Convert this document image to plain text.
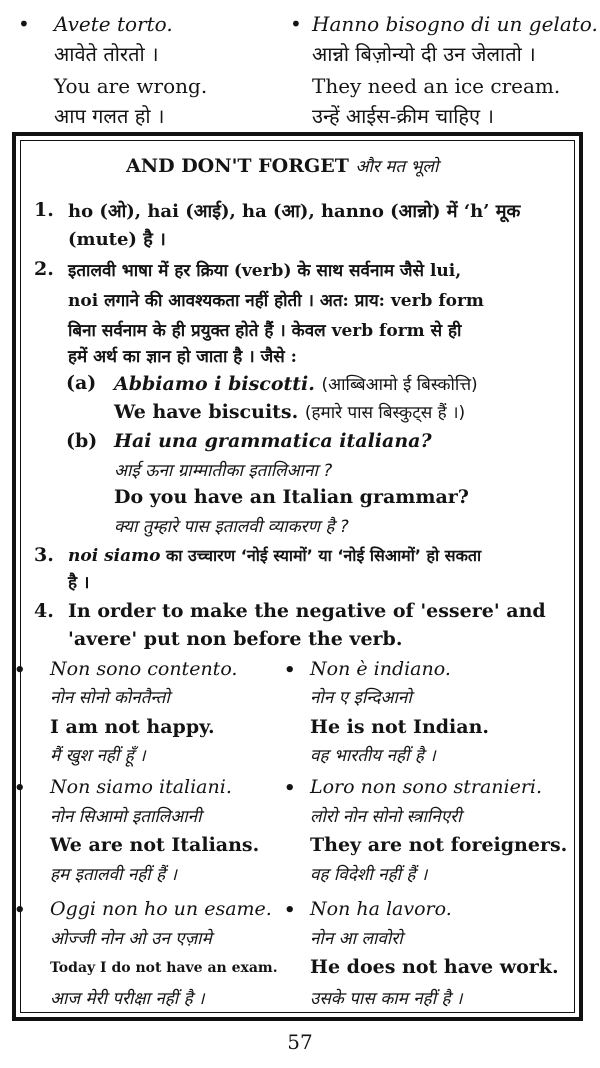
• Avete torto.
आवेते तोरतो ।
You are wrong.
आप गलत हो ।
• Hanno bisogno di un gelato.
आन्नो बिज़ोन्यो दी उन जेलातो ।
They need an ice cream.
उन्हें आईस-क्रीम चाहिए ।
AND DON'T FORGET और मत भूलो
1. ho (ओ), hai (आई), ha (आ), hanno (आन्नो) में ‘h’ मूक
(mute) है ।
2. इतालवी भाषा में हर क्रिया (verb) के साथ सर्वनाम जैसे lui,
noi लगाने की आवश्यकता नहीं होती । अत: प्राय: verb form
बिना सर्वनाम के ही प्रयुक्त होते हैं । केवल verb form से ही
हमें अर्थ का ज्ञान हो जाता है । जैसे :
(a) Abbiamo i biscotti. (आब्बिआमो ई बिस्कोत्ति)
We have biscuits. (हमारे पास बिस्कुट्स हैं ।)
(b) Hai una grammatica italiana?
आई ऊना ग्राम्मातीका इतालिआना ?
Do you have an Italian grammar?
क्या तुम्हारे पास इतालवी व्याकरण है ?
3. noi siamo का उच्चारण ‘नोई स्यामों’ या ‘नोई सिआमों’ हो सकता
है ।
4. In order to make the negative of 'essere' and
'avere' put non before the verb.
• Non sono contento.
नोन सोनो कोनतैन्तो
I am not happy.
मैं खुश नहीं हूँ ।
• Non è indiano.
नोन ए इन्दिआनो
He is not Indian.
वह भारतीय नहीं है ।
• Non siamo italiani.
नोन सिआमो इतालिआनी
We are not Italians.
हम इतालवी नहीं हैं ।
• Loro non sono stranieri.
लोरो नोन सोनो स्त्रानिएरी
They are not foreigners.
वह विदेशी नहीं हैं ।
• Oggi non ho un esame.
ओज्जी नोन ओ उन एज़ामे
Today I do not have an exam.
आज मेरी परीक्षा नहीं है ।
• Non ha lavoro.
नोन आ लावोरो
He does not have work.
उसके पास काम नहीं है ।
57
